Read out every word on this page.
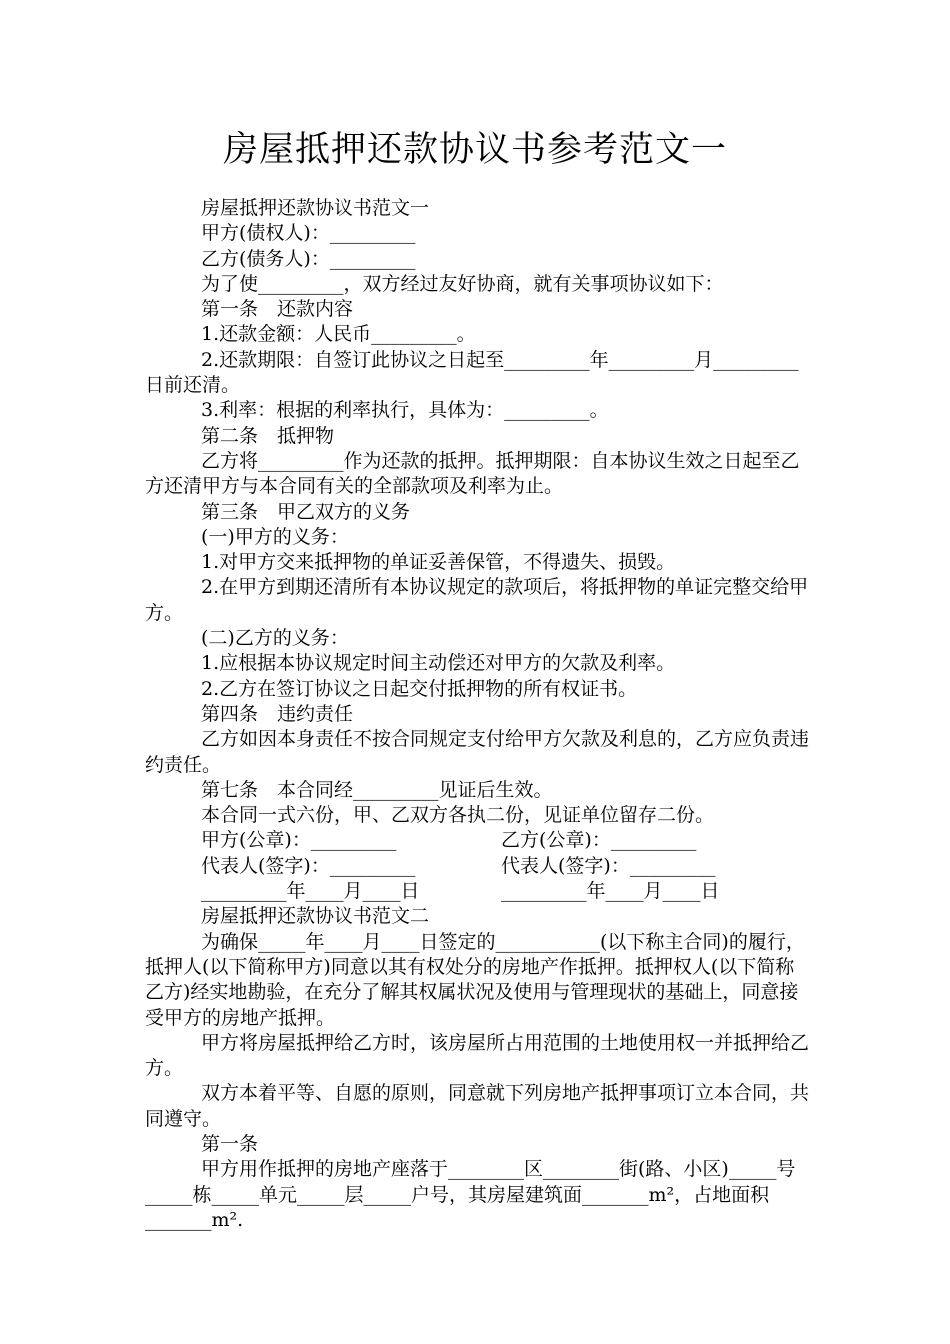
房屋抵押还款协议书参考范文一

房屋抵押还款协议书范文一

甲方(债权人)：_________

乙方(债务人)：_________

为了使_________，双方经过友好协商，就有关事项协议如下：

第一条　还款内容

1.还款金额：人民币_________。

2.还款期限：自签订此协议之日起至_________年_________月_________日前还清。

3.利率：根据的利率执行，具体为：_________。

第二条　抵押物

乙方将_________作为还款的抵押。抵押期限：自本协议生效之日起至乙方还清甲方与本合同有关的全部款项及利率为止。

第三条　甲乙双方的义务

(一)甲方的义务：

1.对甲方交来抵押物的单证妥善保管，不得遗失、损毁。

2.在甲方到期还清所有本协议规定的款项后，将抵押物的单证完整交给甲方。

(二)乙方的义务：

1.应根据本协议规定时间主动偿还对甲方的欠款及利率。

2.乙方在签订协议之日起交付抵押物的所有权证书。

第四条　违约责任

乙方如因本身责任不按合同规定支付给甲方欠款及利息的，乙方应负责违约责任。

第七条　本合同经_________见证后生效。

本合同一式六份，甲、乙双方各执二份，见证单位留存二份。

甲方(公章)：_________	乙方(公章)：_________
代表人(签字)：_________	代表人(签字)：_________
_________年____月____日	_________年____月____日

房屋抵押还款协议书范文二

为确保_____年____月____日签定的___________(以下称主合同)的履行，抵押人(以下简称甲方)同意以其有权处分的房地产作抵押。抵押权人(以下简称乙方)经实地勘验，在充分了解其权属状况及使用与管理现状的基础上，同意接受甲方的房地产抵押。

甲方将房屋抵押给乙方时，该房屋所占用范围的土地使用权一并抵押给乙方。

双方本着平等、自愿的原则，同意就下列房地产抵押事项订立本合同，共同遵守。

第一条

甲方用作抵押的房地产座落于________区________街(路、小区)_____号_____栋_____单元_____层_____户号，其房屋建筑面_______m²，占地面积_______m².
